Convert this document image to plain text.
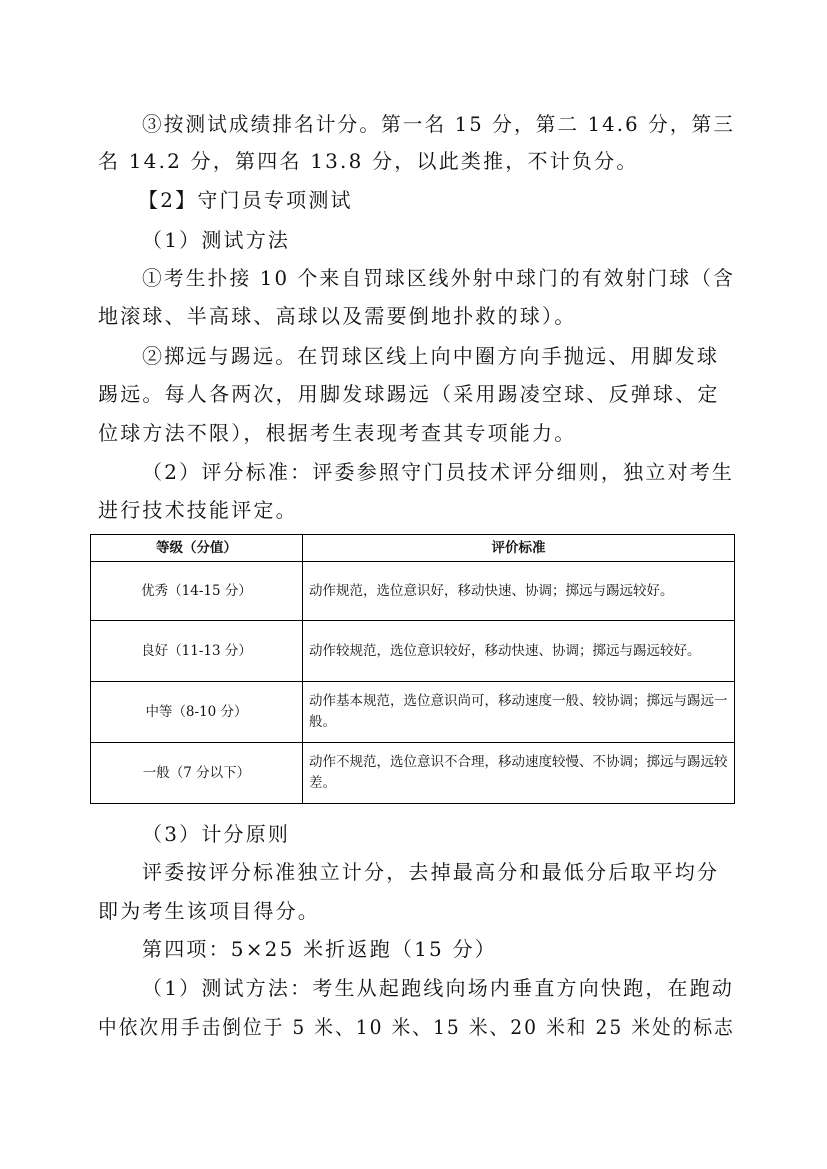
③按测试成绩排名计分。第一名 15 分，第二 14.6 分，第三
名 14.2 分，第四名 13.8 分，以此类推，不计负分。
【2】守门员专项测试
（1）测试方法
①考生扑接 10 个来自罚球区线外射中球门的有效射门球（含
地滚球、半高球、高球以及需要倒地扑救的球）。
②掷远与踢远。在罚球区线上向中圈方向手抛远、用脚发球
踢远。每人各两次，用脚发球踢远（采用踢凌空球、反弹球、定
位球方法不限），根据考生表现考查其专项能力。
（2）评分标准：评委参照守门员技术评分细则，独立对考生
进行技术技能评定。
等级（分值）	评价标准
优秀（14-15 分）	动作规范，选位意识好，移动快速、协调；掷远与踢远较好。
良好（11-13 分）	动作较规范，选位意识较好，移动快速、协调；掷远与踢远较好。
中等（8-10 分）	动作基本规范，选位意识尚可，移动速度一般、较协调；掷远与踢远一般。
一般（7 分以下）	动作不规范，选位意识不合理，移动速度较慢、不协调；掷远与踢远较差。
（3）计分原则
评委按评分标准独立计分，去掉最高分和最低分后取平均分
即为考生该项目得分。
第四项：5×25 米折返跑（15 分）
（1）测试方法：考生从起跑线向场内垂直方向快跑，在跑动
中依次用手击倒位于 5 米、10 米、15 米、20 米和 25 米处的标志
